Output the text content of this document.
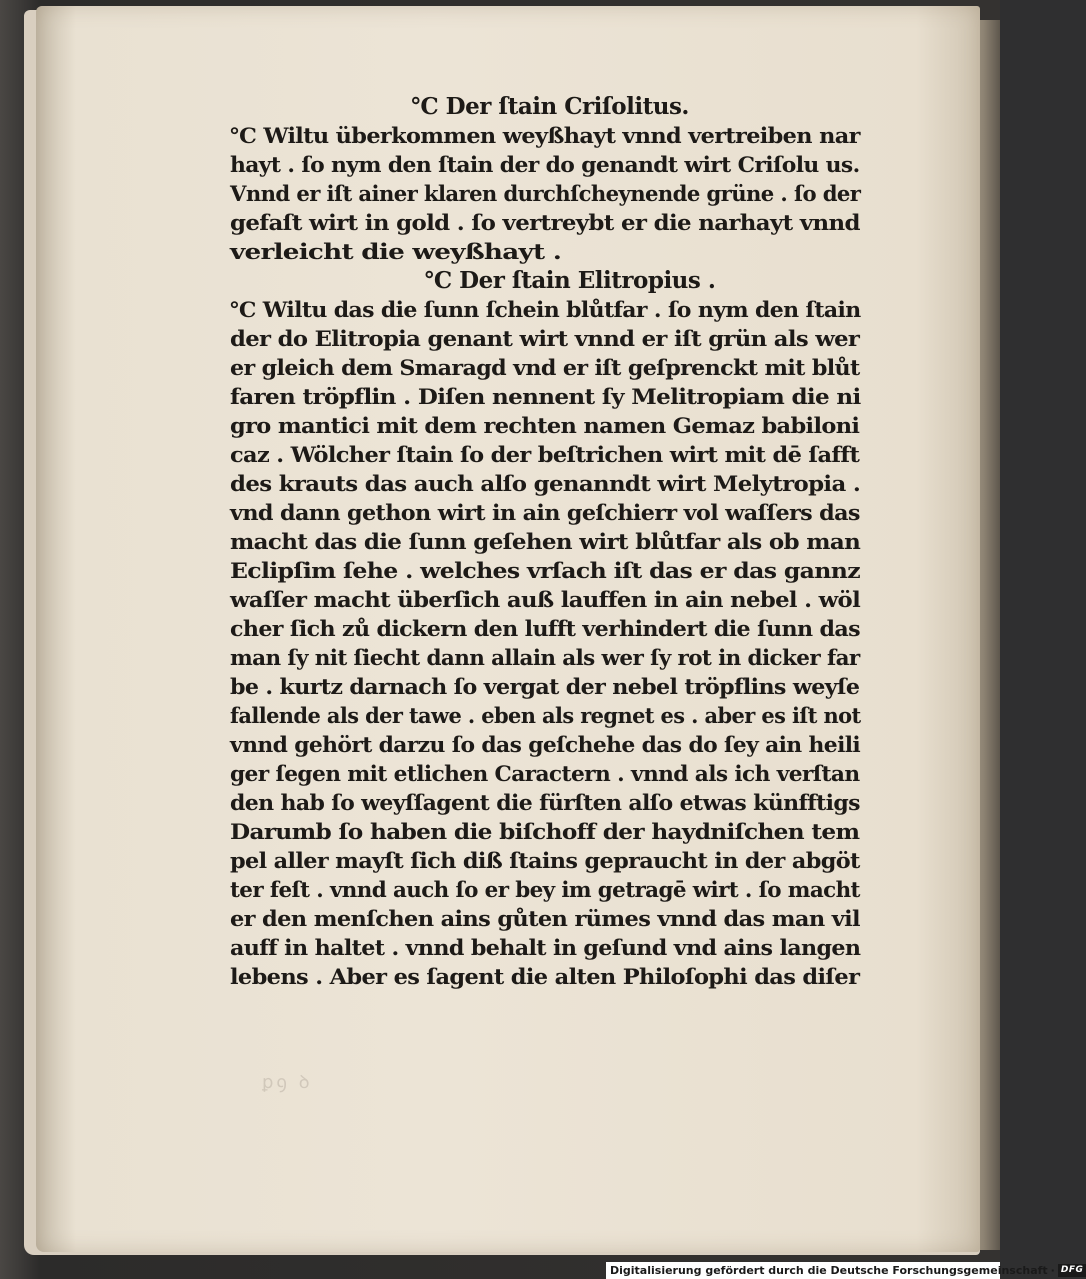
ꝑꝯ ꝺ
℃ Der ſtain Criſolitus.
℃ Wiltu überkommen weyßhayt vnnd vertreiben nar
hayt . ſo nym den ſtain der do genandt wirt Criſolu us.
Vnnd er iſt ainer klaren durchſcheynende grüne . ſo der
gefaſt wirt in gold . ſo vertreybt er die narhayt vnnd
verleicht die weyßhayt .
℃ Der ſtain Elitropius .
℃ Wiltu das die ſunn ſchein blůtfar . ſo nym den ſtain
der do Elitropia genant wirt vnnd er iſt grün als wer
er gleich dem Smaragd vnd er iſt geſprenckt mit blůt
faren tröpflin . Diſen nennent ſy Melitropiam die ni
gro mantici mit dem rechten namen Gemaz babiloni
caz . Wölcher ſtain ſo der beſtrichen wirt mit dē ſafft
des krauts das auch alſo genanndt wirt Melytropia .
vnd dann gethon wirt in ain geſchierr vol waſſers das
macht das die ſunn geſehen wirt blůtfar als ob man
Eclipſim ſehe . welches vrſach iſt das er das gannz
waſſer macht überſich auß lauffen in ain nebel . wöl
cher ſich zů dickern den lufft verhindert die ſunn das
man ſy nit ſiecht dann allain als wer ſy rot in dicker far
be . kurtz darnach ſo vergat der nebel tröpflins weyſe
fallende als der tawe . eben als regnet es . aber es iſt not
vnnd gehört darzu ſo das geſchehe das do ſey ain heili
ger ſegen mit etlichen Caractern . vnnd als ich verſtan
den hab ſo weyſſagent die fürſten alſo etwas künfftigs
Darumb ſo haben die biſchoff der haydniſchen tem
pel aller mayſt ſich diß ſtains gepraucht in der abgöt
ter feſt . vnnd auch ſo er bey im getragē wirt . ſo macht
er den menſchen ains gůten rümes vnnd das man vil
auff in haltet . vnnd behalt in geſund vnd ains langen
lebens . Aber es ſagent die alten Philoſophi das diſer
Digitalisierung gefördert durch die Deutsche Forschungsgemeinschaft · DFG
